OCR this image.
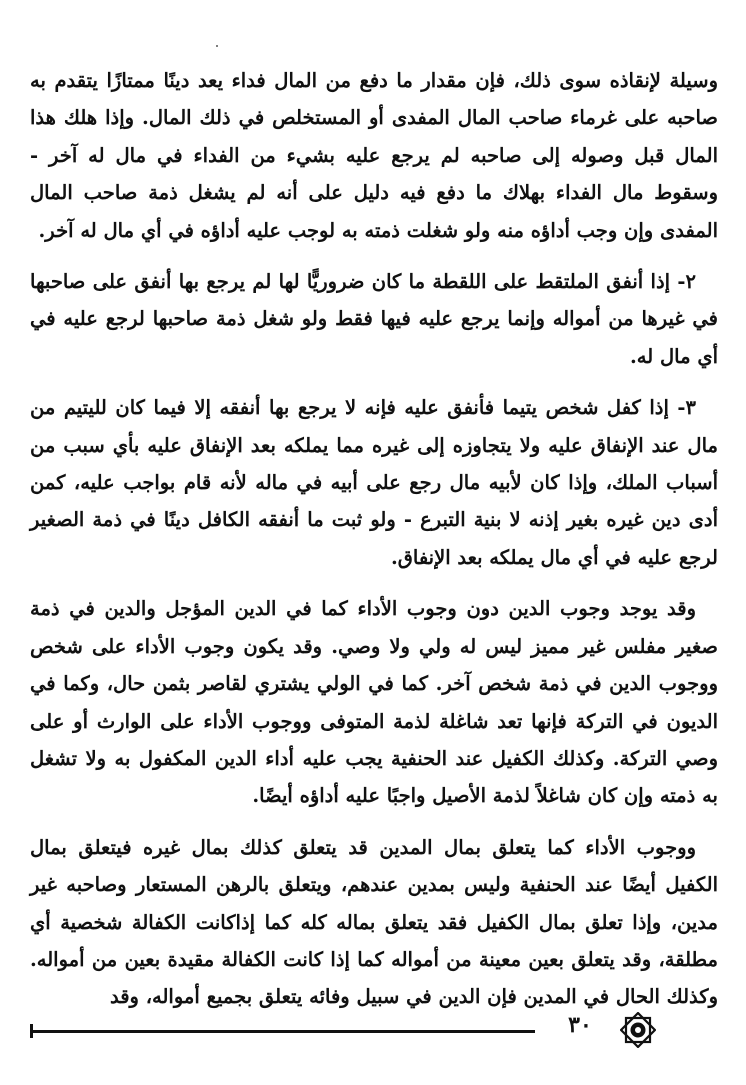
وسيلة لإنقاذه سوى ذلك، فإن مقدار ما دفع من المال فداء يعد دينًا ممتازًا يتقدم به صاحبه على غرماء صاحب المال المفدى أو المستخلص في ذلك المال. وإذا هلك هذا المال قبل وصوله إلى صاحبه لم يرجع عليه بشيء من الفداء في مال له آخر - وسقوط مال الفداء بهلاك ما دفع فيه دليل على أنه لم يشغل ذمة صاحب المال المفدى وإن وجب أداؤه منه ولو شغلت ذمته به لوجب عليه أداؤه في أي مال له آخر.

٢- إذا أنفق الملتقط على اللقطة ما كان ضروريًّا لها لم يرجع بها أنفق على صاحبها في غيرها من أمواله وإنما يرجع عليه فيها فقط ولو شغل ذمة صاحبها لرجع عليه في أي مال له.

٣- إذا كفل شخص يتيما فأنفق عليه فإنه لا يرجع بها أنفقه إلا فيما كان لليتيم من مال عند الإنفاق عليه ولا يتجاوزه إلى غيره مما يملكه بعد الإنفاق عليه بأي سبب من أسباب الملك، وإذا كان لأبيه مال رجع على أبيه في ماله لأنه قام بواجب عليه، كمن أدى دين غيره بغير إذنه لا بنية التبرع - ولو ثبت ما أنفقه الكافل دينًا في ذمة الصغير لرجع عليه في أي مال يملكه بعد الإنفاق.

وقد يوجد وجوب الدين دون وجوب الأداء كما في الدين المؤجل والدين في ذمة صغير مفلس غير مميز ليس له ولي ولا وصي. وقد يكون وجوب الأداء على شخص ووجوب الدين في ذمة شخص آخر. كما في الولي يشتري لقاصر بثمن حال، وكما في الديون في التركة فإنها تعد شاغلة لذمة المتوفى ووجوب الأداء على الوارث أو على وصي التركة. وكذلك الكفيل عند الحنفية يجب عليه أداء الدين المكفول به ولا تشغل به ذمته وإن كان شاغلاً لذمة الأصيل واجبًا عليه أداؤه أيضًا.

ووجوب الأداء كما يتعلق بمال المدين قد يتعلق كذلك بمال غيره فيتعلق بمال الكفيل أيضًا عند الحنفية وليس بمدين عندهم، ويتعلق بالرهن المستعار وصاحبه غير مدين، وإذا تعلق بمال الكفيل فقد يتعلق بماله كله كما إذاكانت الكفالة شخصية أي مطلقة، وقد يتعلق بعين معينة من أمواله كما إذا كانت الكفالة مقيدة بعين من أمواله. وكذلك الحال في المدين فإن الدين في سبيل وفائه يتعلق بجميع أمواله، وقد

٣٠
